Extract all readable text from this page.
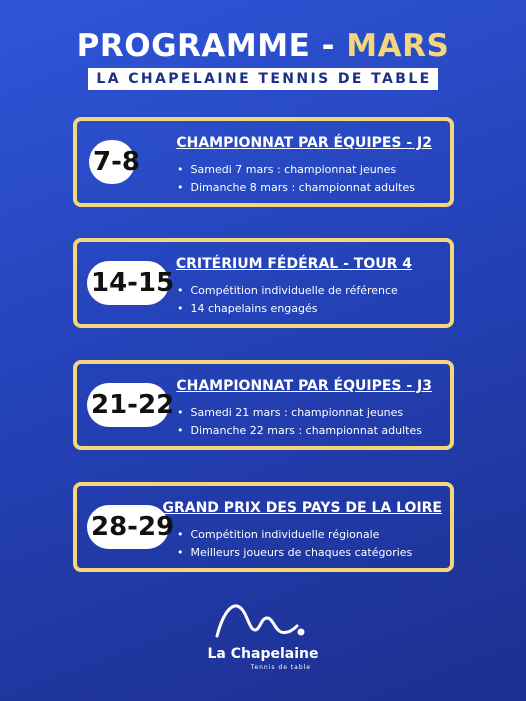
PROGRAMME - MARS
LA CHAPELAINE TENNIS DE TABLE
7-8
CHAMPIONNAT PAR ÉQUIPES - J2
• Samedi 7 mars : championnat jeunes
• Dimanche 8 mars : championnat adultes
14-15
CRITÉRIUM FÉDÉRAL - TOUR 4
• Compétition individuelle de référence
• 14 chapelains engagés
21-22
CHAMPIONNAT PAR ÉQUIPES - J3
• Samedi 21 mars : championnat jeunes
• Dimanche 22 mars : championnat adultes
28-29
GRAND PRIX DES PAYS DE LA LOIRE
• Compétition individuelle régionale
• Meilleurs joueurs de chaques catégories
La Chapelaine
Tennis de table
